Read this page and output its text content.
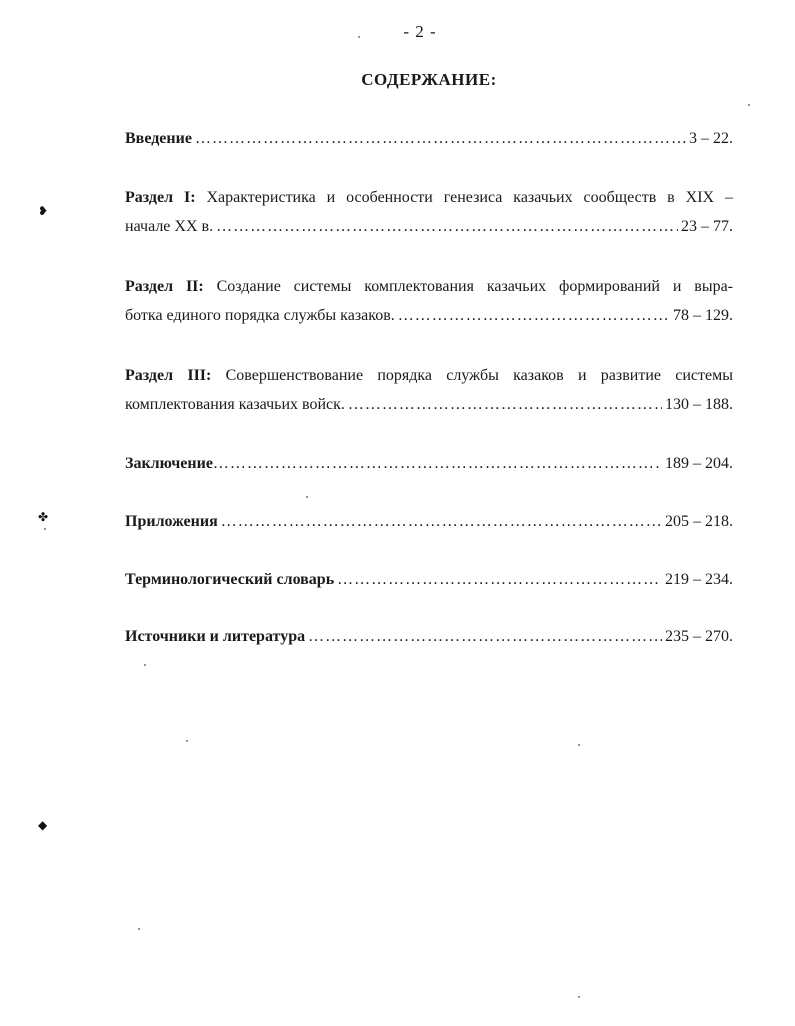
- 2 -
СОДЕРЖАНИЕ:
Введение ……………………………………………………………………………………………………………………………………………	3 – 22.
Раздел I: Характеристика и особенности генезиса казачьих сообществ в XIX –
начале XX в. ……………………………………………………………………………………………………………………………………………	23 – 77.
Раздел II: Создание системы комплектования казачьих формирований и выра-
ботка единого порядка службы казаков. ……………………………………………………………………………………………………………………………………………	78 – 129.
Раздел III: Совершенствование порядка службы казаков и развитие системы
комплектования казачьих войск. ……………………………………………………………………………………………………………………………………………	130 – 188.
Заключение ……………………………………………………………………………………………………………………………………………	189 – 204.
Приложения ……………………………………………………………………………………………………………………………………………	205 – 218.
Терминологический словарь ……………………………………………………………………………………………………………………………………………	219 – 234.
Источники и литература ……………………………………………………………………………………………………………………………………………	235 – 270.
❥
✤
◆
